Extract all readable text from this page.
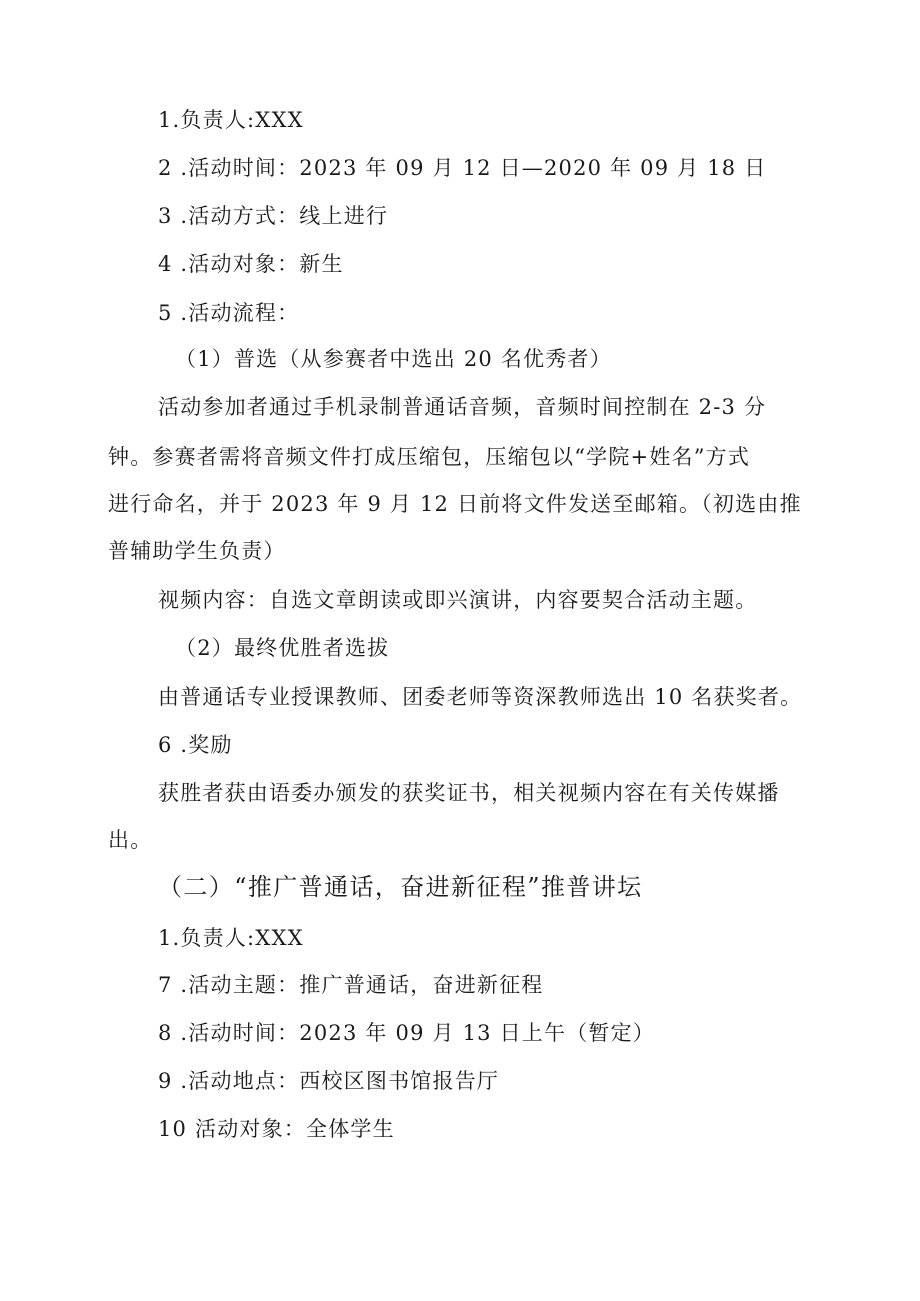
1.负责人:XXX
2 .活动时间：2023 年 09 月 12 日—2020 年 09 月 18 日
3 .活动方式：线上进行
4 .活动对象：新生
5 .活动流程：
（1）普选（从参赛者中选出 20 名优秀者）
活动参加者通过手机录制普通话音频，音频时间控制在 2-3 分
钟。参赛者需将音频文件打成压缩包，压缩包以“学院+姓名”方式
进行命名，并于 2023 年 9 月 12 日前将文件发送至邮箱。（初选由推
普辅助学生负责）
视频内容：自选文章朗读或即兴演讲，内容要契合活动主题。
（2）最终优胜者选拔
由普通话专业授课教师、团委老师等资深教师选出 10 名获奖者。
6 .奖励
获胜者获由语委办颁发的获奖证书，相关视频内容在有关传媒播
出。
（二）“推广普通话，奋进新征程”推普讲坛
1.负责人:XXX
7 .活动主题：推广普通话，奋进新征程
8 .活动时间：2023 年 09 月 13 日上午（暂定）
9 .活动地点：西校区图书馆报告厅
10 活动对象：全体学生
